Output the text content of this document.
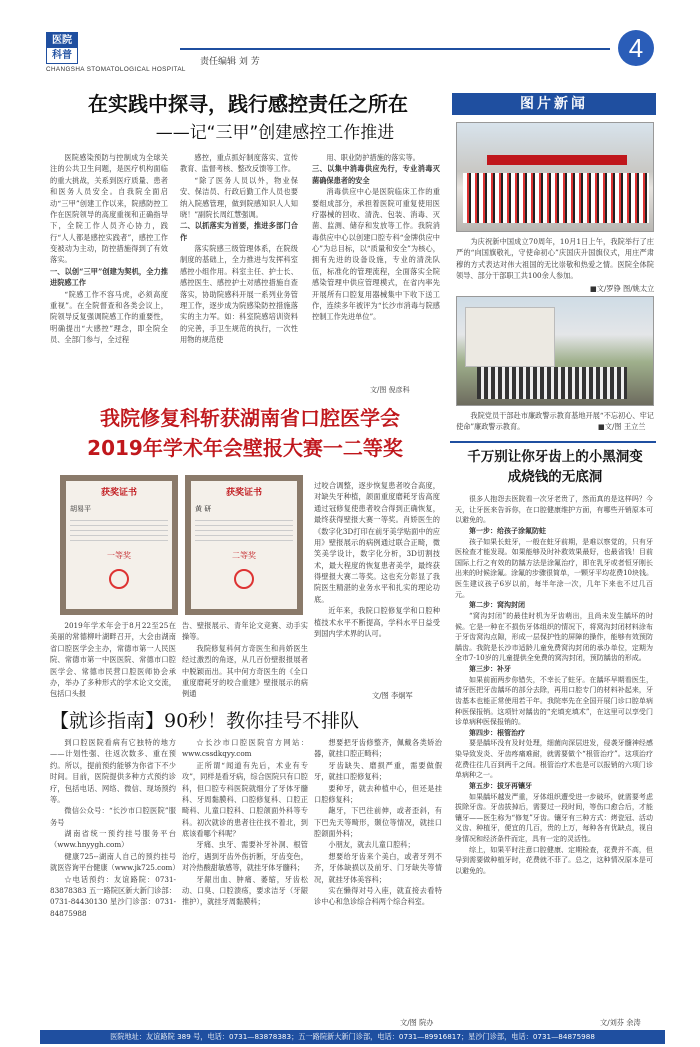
医院
科普
CHANGSHA STOMATOLOGICAL HOSPITAL
责任编辑 刘 芳	4
在实践中探寻，践行感控责任之所在
——记“三甲”创建感控工作推进

医院感染预防与控制成为全球关注的公共卫生问题，是医疗机构面临的重大挑战，关系到医疗质量、患者和医务人员安全。自我院全面启动“三甲”创建工作以来，院感防控工作在医院领导的高度重视和正确指导下，全院工作人员齐心协力，践行“人人都是感控实践者”，感控工作变被动为主动，防控措施得到了有效落实。

一、以创“三甲”创建为契机，全力推进院感工作

“院感工作不容马虎，必须高度重视”。在全院督查和各类会议上，院领导反复强调院感工作的重要性，明确提出“大感控”理念，即全院全员、全部门参与，全过程

感控，重点抓好制度落实、宣传教育、监督考核、整改反馈等工作。

“除了医务人员以外，物业保安、保洁员、行政后勤工作人员也要纳入院感管理，做到院感知识人人知晓！”副院长周红慧强调。

二、以抓落实为首要，推进多部门合作

落实院感三级管理体系，在院级制度的基础上，全力推进与发挥科室感控小组作用。科室主任、护士长、感控医生、感控护士对感控措施自查落实，协助院感科开展一系列业务管理工作，逐步成为院感染防控措施落实的主力军。如：科室院感培训资料的完善，手卫生规范的执行，一次性用物的规范使

用、职业防护措施的落实等。

三、以集中消毒供应先行，专业消毒灭菌确保患者的安全

消毒供应中心是医院临床工作的重要组成部分，承担着医院可重复使用医疗器械的回收、清洗、包装、消毒、灭菌、监测、储存和发放等工作。我院消毒供应中心以创建口腔专科“金牌供应中心”为总目标，以“质量和安全”为核心，拥有先进的设备设施，专业的清洗队伍，标准化的管理流程，全面落实全院感染管理中供应管理模式，在省内率先开展所有口腔复用器械集中下收下送工作，连续多年被评为“长沙市消毒与院感控制工作先进单位”。

文/图 倪彦科
图片新闻
为庆祝新中国成立70周年，10月1日上午，我院举行了庄严的“向国旗敬礼，守使命初心”庆国庆升国旗仪式，用庄严肃穆的方式表达对伟大祖国的无比崇敬和热爱之情。医院全体院领导、部分干部职工共100余人参加。
■文/罗铮 图/姚太立
我院党员干部赴市廉政警示教育基地开展“不忘初心、牢记使命”廉政警示教育。	■文/图 王立兰
我院修复科斩获湖南省口腔医学会
2019年学术年会壁报大赛一二等奖
获奖证书
胡易平
一等奖
获奖证书
黄 研
二等奖

2019年学术年会于8月22至25在美丽的常德柳叶湖畔召开，大会由湖南省口腔医学会主办，常德市第一人民医院、常德市第一中医医院、常德市口腔医学会、常德市民营口腔医师协会承办，举办了多种形式的学术论文交流，包括口头报

告、壁报展示、青年论文竞赛、动手实操等。

我院修复科何方奇医生和肖娇医生经过激烈的角逐，从几百份壁报报展者中脱颖而出。其中何方奇医生的《全口重度磨耗牙的咬合重建》壁报展示的病例通

过咬合调整，逐步恢复患者咬合高度，对缺失牙种植，颌面重度磨耗牙齿高度通过冠修复使患者咬合得到正确恢复，最终获得壁报大赛一等奖。肖娇医生的《数字化3D打印在前牙美学贴面中的应用》壁报展示的病例通过联合正畸，微笑美学设计，数字化分析，3D切割技术，最大程度的恢复患者美学，最终获得壁报大赛二等奖。这也充分彰显了我院医生精湛的业务水平和扎实的理论功底。

近年来，我院口腔修复学和口腔种植技术水平不断提高，学科水平日益受到国内学术界的认可。

文/图 李炯军
千万别让你牙齿上的小黑洞变成烧钱的无底洞

很多人抱怨去医院看一次牙老贵了，然而真的是这样吗？今天，让牙医来告诉你，在口腔健康维护方面，有哪些开销原本可以避免的。

第一步：给孩子涂氟防蛀

孩子如果长蛀牙，一般在蛀牙前期，是难以察觉的，只有牙医检查才能发现。如果能够及时补救效果最好，也最省钱！目前国际上行之有效的防龋方法是涂氟治疗，即在乳牙或者恒牙刚长出来的时候涂氟。涂氟的步骤很简单，一颗牙平均花费10块钱。医生建议孩子6岁以前，每半年涂一次，几年下来也不过几百元。

第二步：窝沟封闭

“窝沟封闭”的最佳时机为牙齿萌出，且尚未发生龋坏的时候。它是一种在不损伤牙体组织的情况下，将窝沟封闭材料涂布于牙齿窝沟点隙，形成一层保护性的屏障的操作，能够有效预防龋齿。我院是长沙市适龄儿童免费窝沟封闭的承办单位，定期为全市7-10岁的儿童提供全免费的窝沟封闭，预防龋齿的形成。

第三步：补牙

如果前面两步你错失，不幸长了蛀牙。在龋坏早期看医生，请牙医把牙齿龋坏的部分去除，再用口腔专门的材料补起来，牙齿基本也能正常使用若干年。我院率先在全国开展门诊口腔单病种医保报销。这项针对龋齿的“充填充填术”，在这里可以享受门诊单病种医保报销的。

第四步：根管治疗

要是龋坏没有及时处理，细菌向深层进发，侵袭牙髓神经感染导致发炎、牙齿疼痛难耐，就需要做个“根管治疗”。这项治疗花费往往几百到两千之间。根管治疗术也是可以报销的六项门诊单病种之一。

第五步：拔牙再镶牙

如果龋坏越发严重，牙体组织遭受进一步破坏，就需要考虑拔除牙齿。牙齿拔掉后，需要过一段时间，等伤口愈合后，才能镶牙——医生称为“修复”牙齿。镶牙有三种方式：烤瓷冠、活动义齿、种植牙，便宜的几百，贵的上万，每种各有优缺点，视自身情况和经济条件而定，具有一定的灵活性。

综上，如果平时注意口腔健康、定期检查，花费并不高，但导到需要做种植牙时，花费就不菲了。总之，这种情况原本是可以避免的。

文/刘芬 余涛
【就诊指南】90秒！教你挂号不排队

到口腔医院看病有它独特的地方——计划性强、往返次数多、重在预约。所以，提前预约能够为你省下不少时间。目前，医院提供多种方式预约诊疗，包括电话、网络、微信、现场预约等。

微信公众号：“长沙市口腔医院”服务号

湖南省统一预约挂号服务平台（www.hnyygh.com）

健康725--湖南人自己的预约挂号就医咨询平台健康（www.jk725.com）

☆电话预约：友谊路院：0731-83878383 五一路院区新大新门诊部：0731-84430130 星沙门诊部：0731-84875988

☆长沙市口腔医院官方网站：www.cssdkqyy.com

正所谓“闻道有先后，术业有专攻”，同样是看牙病，综合医院只有口腔科，但口腔专科医院就细分了牙体牙髓科、牙周黏膜科、口腔修复科、口腔正畸科、儿童口腔科、口腔颌面外科等专科。初次就诊的患者往往找不着北，到底该看哪个科呢？

牙痛、虫牙、需要补牙补洞、根管治疗，遇到牙齿外伤折断，牙齿变色，对冷热酸甜敏感等，就挂牙体牙髓科；

牙龈出血、肿痛、萎缩，牙齿松动、口臭、口腔溃疡，要求洁牙（牙龈推护），就挂牙周黏膜科；

想要把牙齿修整齐，佩戴各类矫治器，就挂口腔正畸科；

牙齿缺失、磨损严重，需要做假牙，就挂口腔修复科；

要种牙，就去种植中心，但还是挂口腔修复科；

龅牙，下巴往前伸，或者歪斜，有下巴先天等畸形，颞位等情况，就挂口腔颌面外科；

小朋友，就去儿童口腔科；

想要给牙齿来个美白，或者牙列不齐，牙体缺损以及前牙、门牙缺失等情况，就挂牙体美容科；

实在懒得对号入座，就直接去看特诊中心和急诊综合科两个综合科室。

文/图 院办
医院地址：友谊路院 389 号，电话：0731—83878383；五一路院新大新门诊部，电话：0731—89916817；星沙门诊部，电话：0731—84875988
